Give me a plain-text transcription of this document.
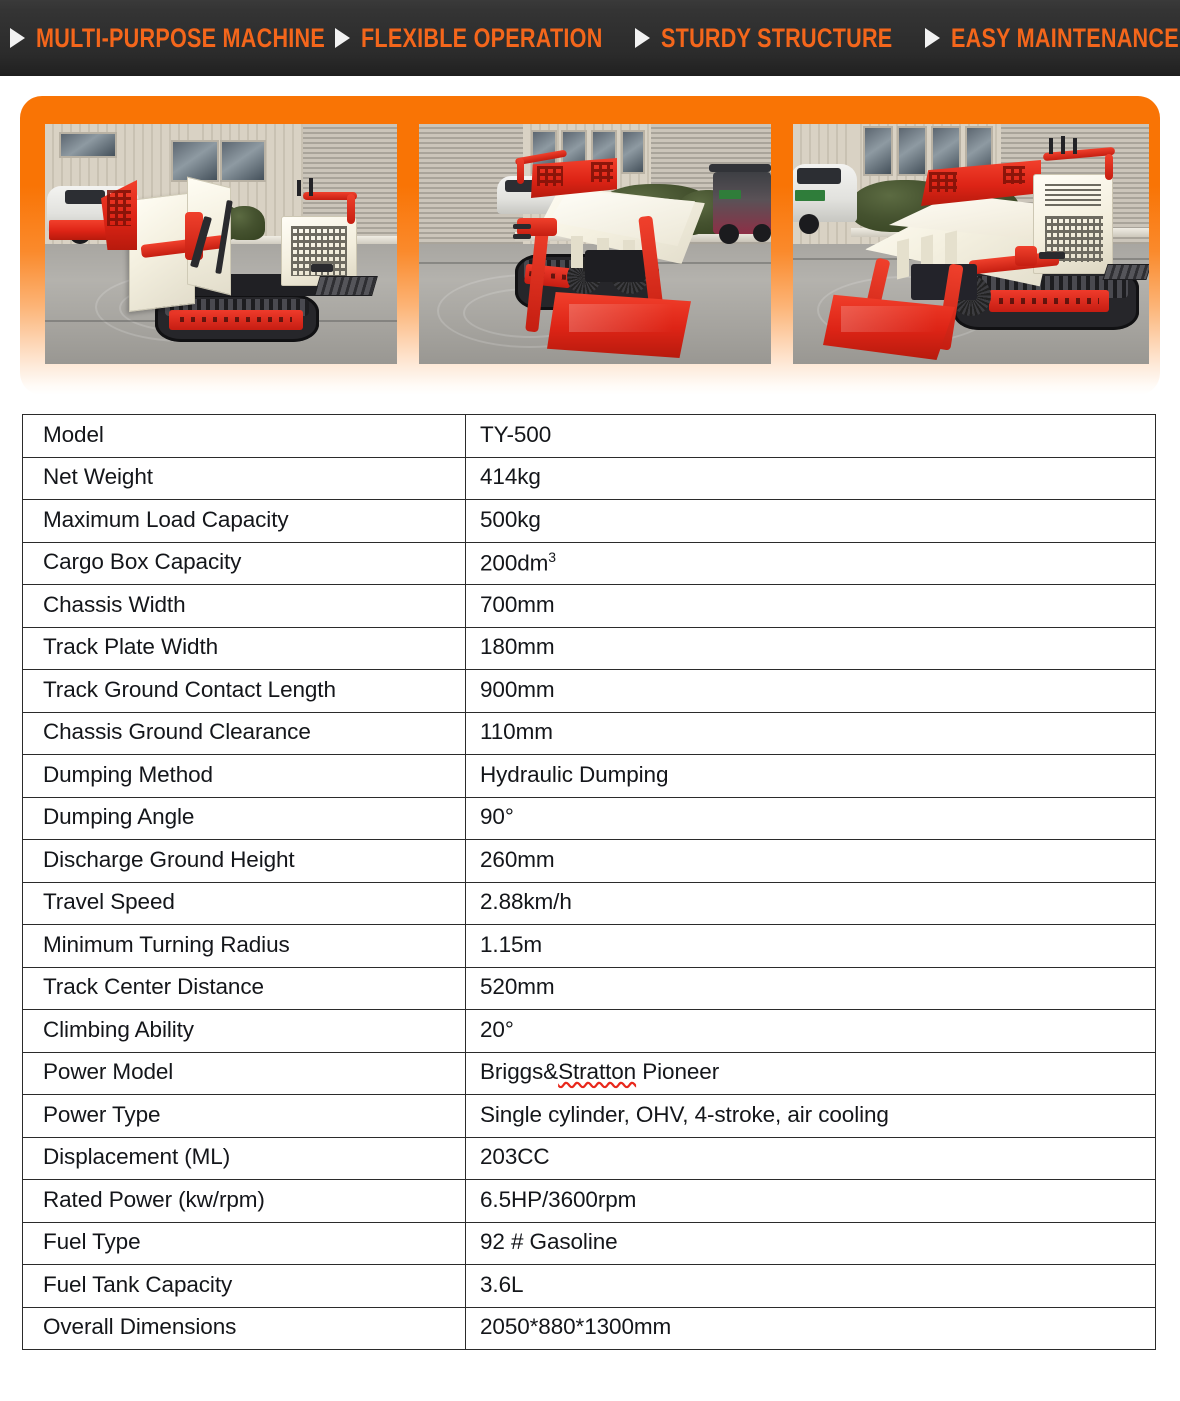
MULTI-PURPOSE MACHINE FLEXIBLE OPERATION STURDY STRUCTURE EASY MAINTENANCE
Model	TY-500
Net Weight	414kg
Maximum Load Capacity	500kg
Cargo Box Capacity	$200dm^3$
Chassis Width	700mm
Track Plate Width	180mm
Track Ground Contact Length	900mm
Chassis Ground Clearance	110mm
Dumping Method	Hydraulic Dumping
Dumping Angle	90°
Discharge Ground Height	260mm
Travel Speed	2.88km/h
Minimum Turning Radius	1.15m
Track Center Distance	520mm
Climbing Ability	20°
Power Model	Briggs&Stratton Pioneer
Power Type	Single cylinder, OHV, 4-stroke, air cooling
Displacement (ML)	203CC
Rated Power (kw/rpm)	6.5HP/3600rpm
Fuel Type	92 # Gasoline
Fuel Tank Capacity	3.6L
Overall Dimensions	2050*880*1300mm
